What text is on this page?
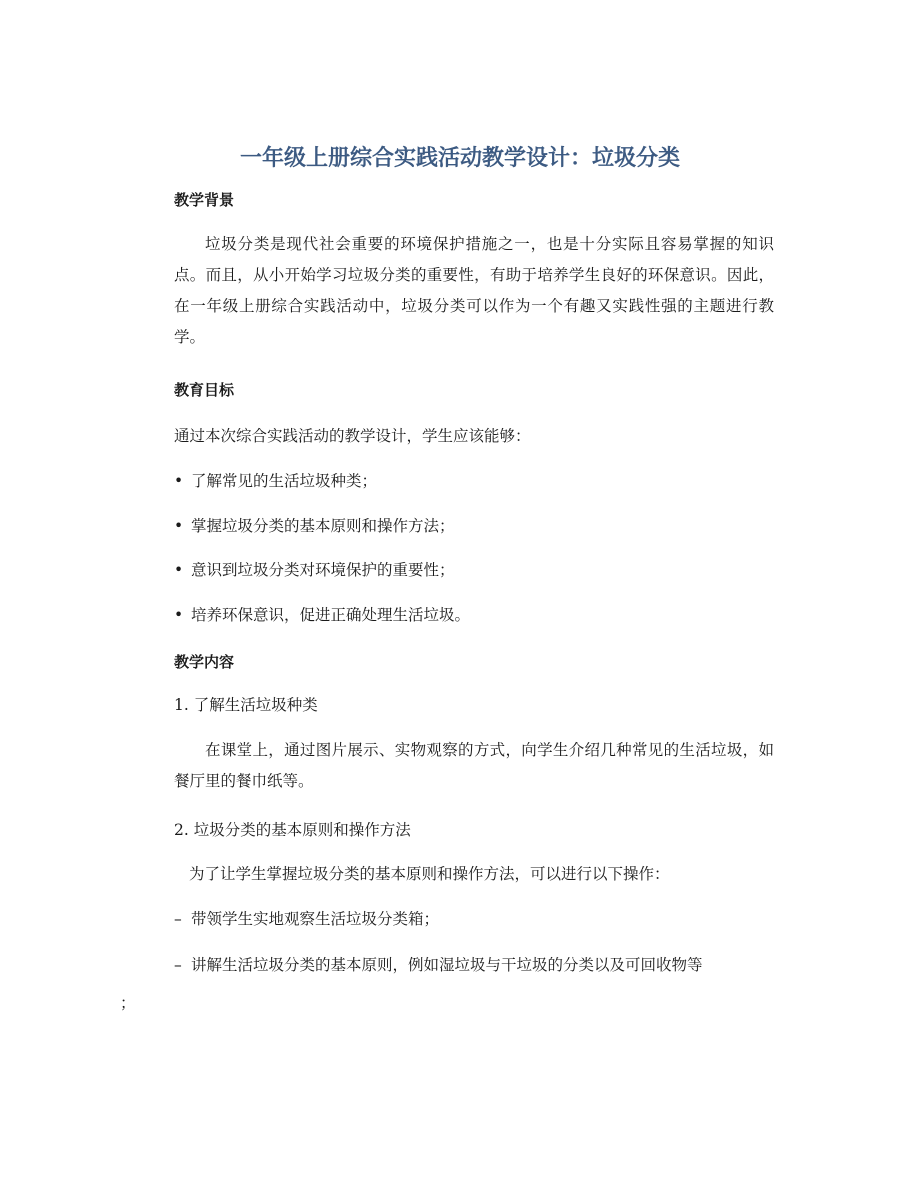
一年级上册综合实践活动教学设计：垃圾分类
教学背景

垃圾分类是现代社会重要的环境保护措施之一，也是十分实际且容易掌握的知识点。而且，从小开始学习垃圾分类的重要性，有助于培养学生良好的环保意识。因此，在一年级上册综合实践活动中，垃圾分类可以作为一个有趣又实践性强的主题进行教学。

教育目标

通过本次综合实践活动的教学设计，学生应该能够：

• 了解常见的生活垃圾种类；
• 掌握垃圾分类的基本原则和操作方法；
• 意识到垃圾分类对环境保护的重要性；
• 培养环保意识，促进正确处理生活垃圾。
教学内容

1. 了解生活垃圾种类

在课堂上，通过图片展示、实物观察的方式，向学生介绍几种常见的生活垃圾，如餐厅里的餐巾纸等。

2. 垃圾分类的基本原则和操作方法

为了让学生掌握垃圾分类的基本原则和操作方法，可以进行以下操作：

– 带领学生实地观察生活垃圾分类箱；
– 讲解生活垃圾分类的基本原则，例如湿垃圾与干垃圾的分类以及可回收物等
；
